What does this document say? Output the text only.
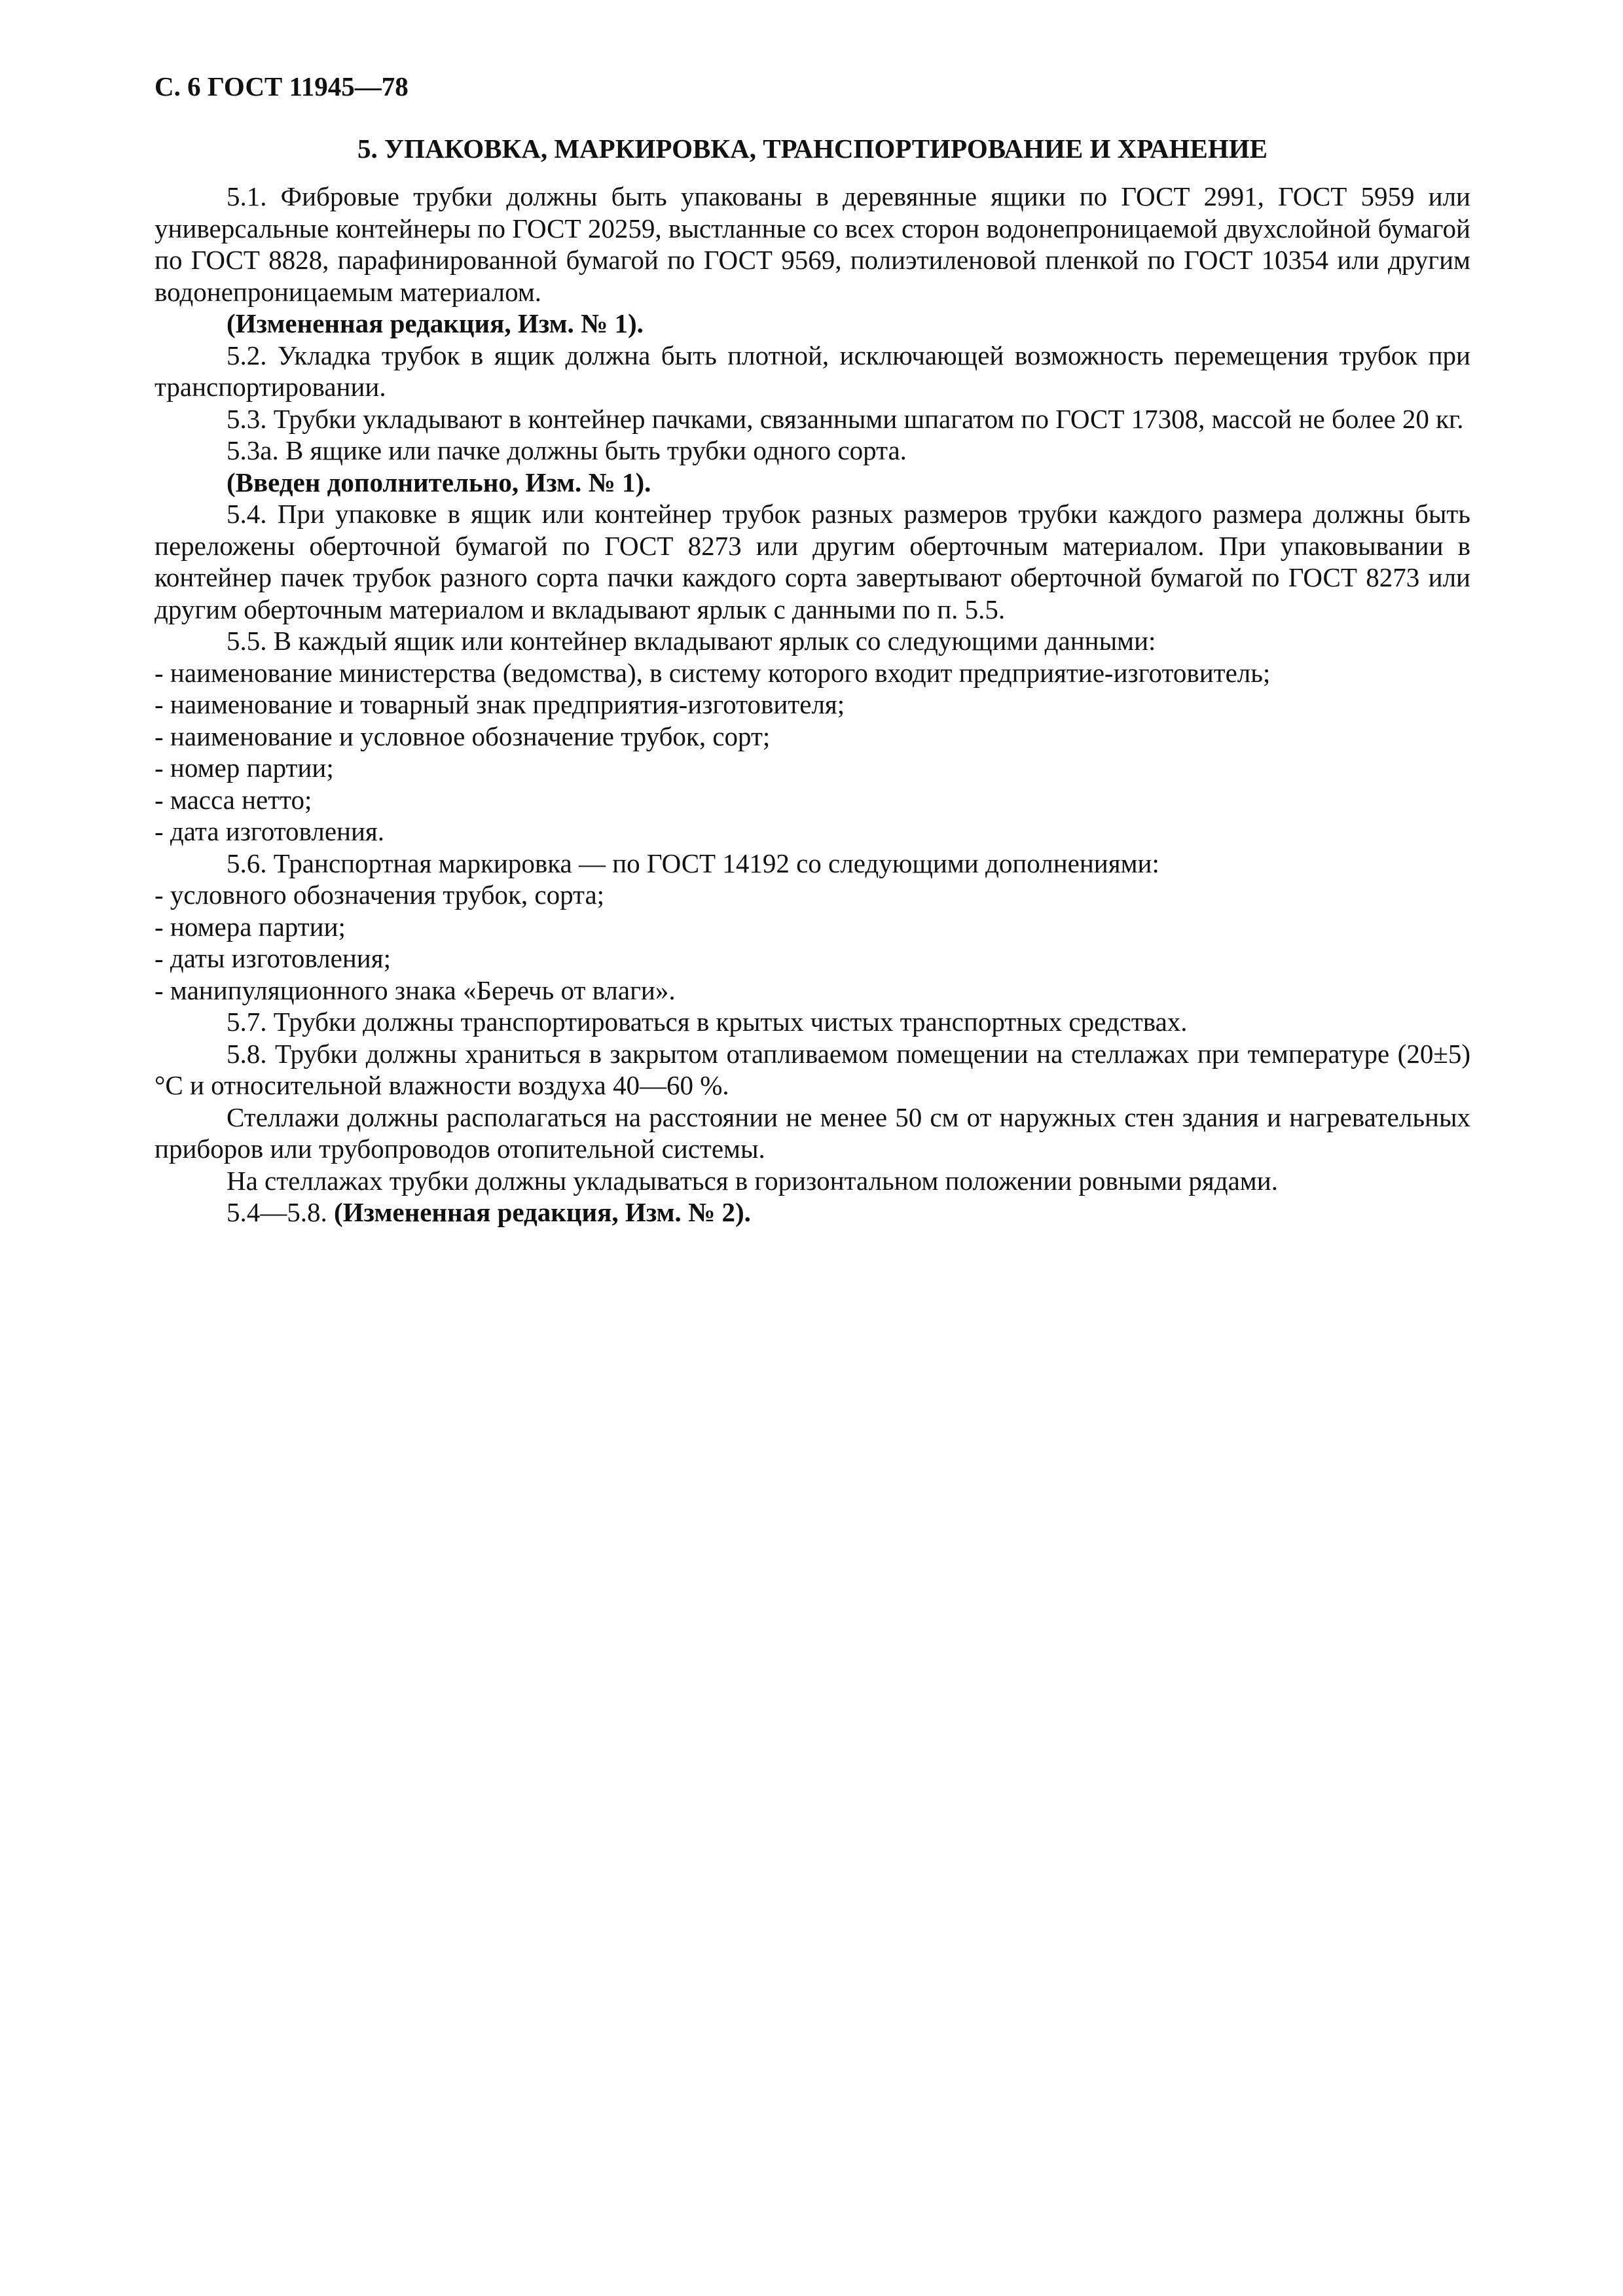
С. 6 ГОСТ 11945—78
5. УПАКОВКА, МАРКИРОВКА, ТРАНСПОРТИРОВАНИЕ И ХРАНЕНИЕ

5.1. Фибровые трубки должны быть упакованы в деревянные ящики по ГОСТ 2991, ГОСТ 5959 или универсальные контейнеры по ГОСТ 20259, выстланные со всех сторон водонепроницаемой двухслойной бумагой по ГОСТ 8828, парафинированной бумагой по ГОСТ 9569, полиэтиленовой пленкой по ГОСТ 10354 или другим водонепроницаемым материалом.

(Измененная редакция, Изм. № 1).

5.2. Укладка трубок в ящик должна быть плотной, исключающей возможность перемещения трубок при транспортировании.

5.3. Трубки укладывают в контейнер пачками, связанными шпагатом по ГОСТ 17308, массой не более 20 кг.

5.3а. В ящике или пачке должны быть трубки одного сорта.

(Введен дополнительно, Изм. № 1).

5.4. При упаковке в ящик или контейнер трубок разных размеров трубки каждого размера должны быть переложены оберточной бумагой по ГОСТ 8273 или другим оберточным материалом. При упаковывании в контейнер пачек трубок разного сорта пачки каждого сорта завертывают оберточной бумагой по ГОСТ 8273 или другим оберточным материалом и вкладывают ярлык с данными по п. 5.5.

5.5. В каждый ящик или контейнер вкладывают ярлык со следующими данными:

- наименование министерства (ведомства), в систему которого входит предприятие-изготовитель;

- наименование и товарный знак предприятия-изготовителя;

- наименование и условное обозначение трубок, сорт;

- номер партии;

- масса нетто;

- дата изготовления.

5.6. Транспортная маркировка — по ГОСТ 14192 со следующими дополнениями:

- условного обозначения трубок, сорта;

- номера партии;

- даты изготовления;

- манипуляционного знака «Беречь от влаги».

5.7. Трубки должны транспортироваться в крытых чистых транспортных средствах.

5.8. Трубки должны храниться в закрытом отапливаемом помещении на стеллажах при температуре (20±5) °С и относительной влажности воздуха 40—60 %.

Стеллажи должны располагаться на расстоянии не менее 50 см от наружных стен здания и нагревательных приборов или трубопроводов отопительной системы.

На стеллажах трубки должны укладываться в горизонтальном положении ровными рядами.

5.4—5.8. (Измененная редакция, Изм. № 2).
